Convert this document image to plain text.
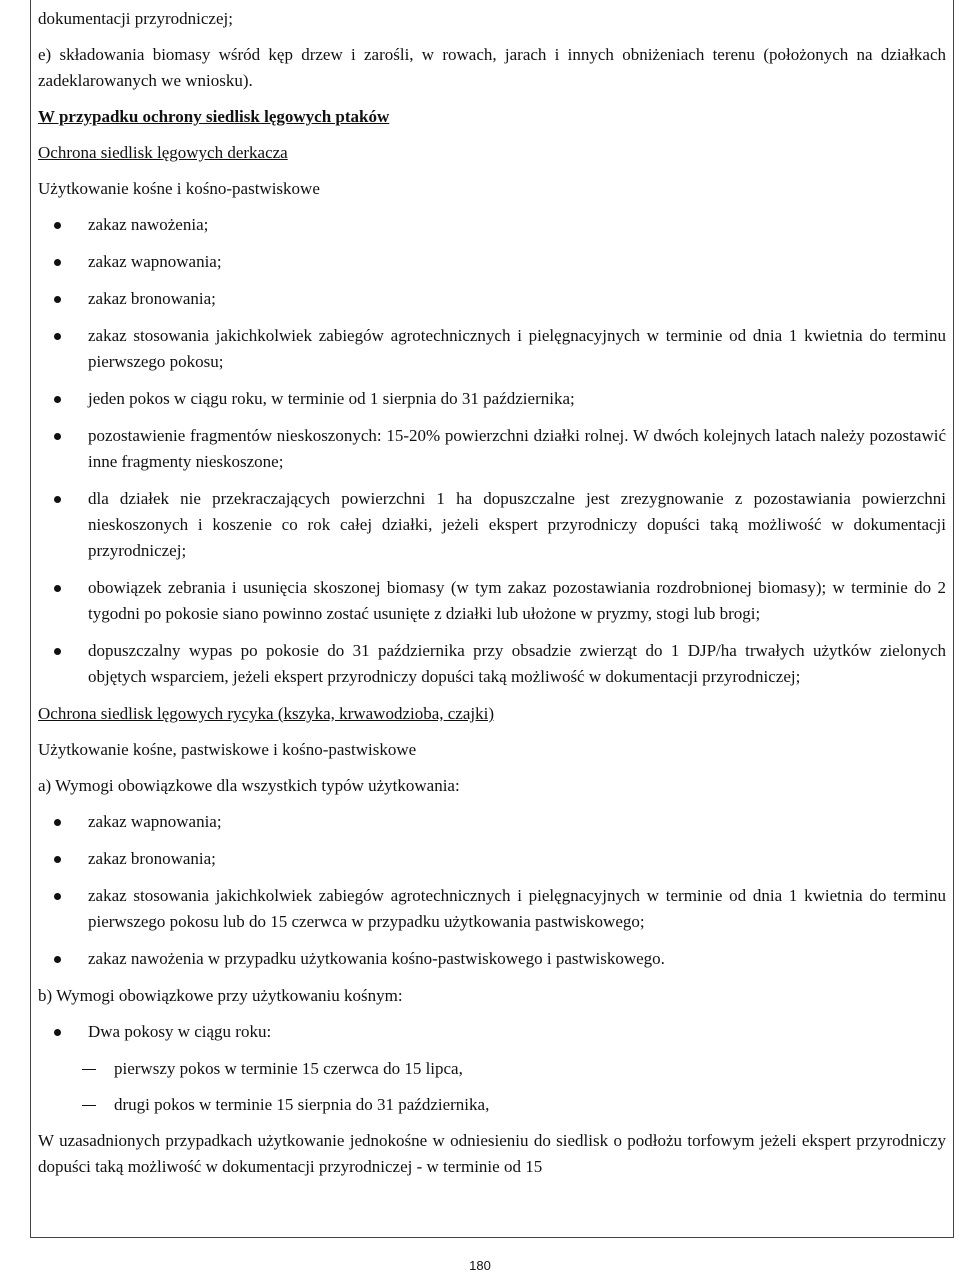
dokumentacji przyrodniczej;

e) składowania biomasy wśród kęp drzew i zarośli, w rowach, jarach i innych obniżeniach terenu (położonych na działkach zadeklarowanych we wniosku).

W przypadku ochrony siedlisk lęgowych ptaków

Ochrona siedlisk lęgowych derkacza

Użytkowanie kośne i kośno-pastwiskowe

zakaz nawożenia;
zakaz wapnowania;
zakaz bronowania;
zakaz stosowania jakichkolwiek zabiegów agrotechnicznych i pielęgnacyjnych w terminie od dnia 1 kwietnia do terminu pierwszego pokosu;
jeden pokos w ciągu roku, w terminie od 1 sierpnia do 31 października;
pozostawienie fragmentów nieskoszonych: 15-20% powierzchni działki rolnej. W dwóch kolejnych latach należy pozostawić inne fragmenty nieskoszone;
dla działek nie przekraczających powierzchni 1 ha dopuszczalne jest zrezygnowanie z pozostawiania powierzchni nieskoszonych i koszenie co rok całej działki, jeżeli ekspert przyrodniczy dopuści taką możliwość w dokumentacji przyrodniczej;
obowiązek zebrania i usunięcia skoszonej biomasy (w tym zakaz pozostawiania rozdrobnionej biomasy); w terminie do 2 tygodni po pokosie siano powinno zostać usunięte z działki lub ułożone w pryzmy, stogi lub brogi;
dopuszczalny wypas po pokosie do 31 października przy obsadzie zwierząt do 1 DJP/ha trwałych użytków zielonych objętych wsparciem, jeżeli ekspert przyrodniczy dopuści taką możliwość w dokumentacji przyrodniczej;

Ochrona siedlisk lęgowych rycyka (kszyka, krwawodzioba, czajki)

Użytkowanie kośne, pastwiskowe i kośno-pastwiskowe

a) Wymogi obowiązkowe dla wszystkich typów użytkowania:

zakaz wapnowania;
zakaz bronowania;
zakaz stosowania jakichkolwiek zabiegów agrotechnicznych i pielęgnacyjnych w terminie od dnia 1 kwietnia do terminu pierwszego pokosu lub do 15 czerwca w przypadku użytkowania pastwiskowego;
zakaz nawożenia w przypadku użytkowania kośno-pastwiskowego i pastwiskowego.

b) Wymogi obowiązkowe przy użytkowaniu kośnym:

Dwa pokosy w ciągu roku:
pierwszy pokos w terminie 15 czerwca do 15 lipca,
drugi pokos w terminie 15 sierpnia do 31 października,

W uzasadnionych przypadkach użytkowanie jednokośne w odniesieniu do siedlisk o podłożu torfowym jeżeli ekspert przyrodniczy dopuści taką możliwość w dokumentacji przyrodniczej - w terminie od 15

180
